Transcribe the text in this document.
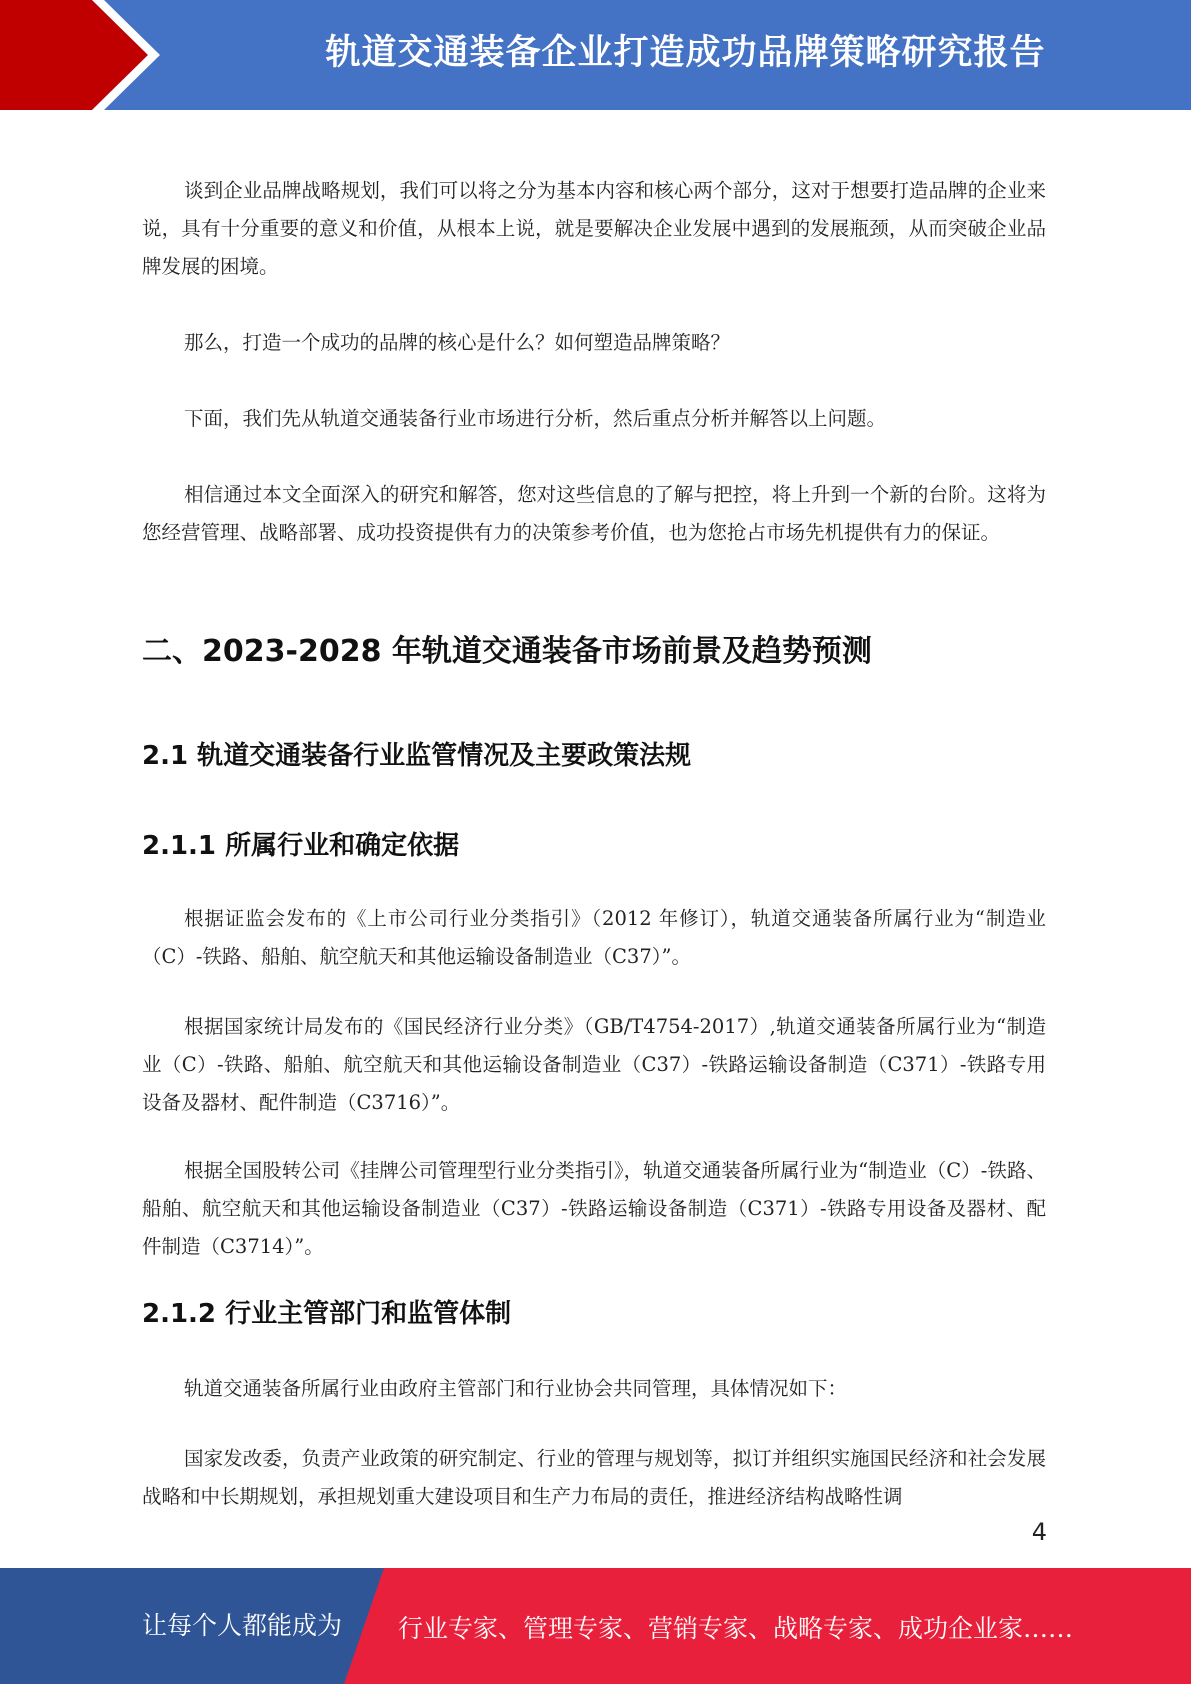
轨道交通装备企业打造成功品牌策略研究报告

谈到企业品牌战略规划，我们可以将之分为基本内容和核心两个部分，这对于想要打造品牌的企业来说，具有十分重要的意义和价值，从根本上说，就是要解决企业发展中遇到的发展瓶颈，从而突破企业品牌发展的困境。

那么，打造一个成功的品牌的核心是什么？如何塑造品牌策略？

下面，我们先从轨道交通装备行业市场进行分析，然后重点分析并解答以上问题。

相信通过本文全面深入的研究和解答，您对这些信息的了解与把控，将上升到一个新的台阶。这将为您经营管理、战略部署、成功投资提供有力的决策参考价值，也为您抢占市场先机提供有力的保证。

二、2023-2028 年轨道交通装备市场前景及趋势预测
2.1 轨道交通装备行业监管情况及主要政策法规
2.1.1 所属行业和确定依据

根据证监会发布的《上市公司行业分类指引》（2012 年修订），轨道交通装备所属行业为“制造业（C）-铁路、船舶、航空航天和其他运输设备制造业（C37）”。

根据国家统计局发布的《国民经济行业分类》（GB/T4754-2017）,轨道交通装备所属行业为“制造业（C）-铁路、船舶、航空航天和其他运输设备制造业（C37）-铁路运输设备制造（C371）-铁路专用设备及器材、配件制造（C3716）”。

根据全国股转公司《挂牌公司管理型行业分类指引》，轨道交通装备所属行业为“制造业（C）-铁路、船舶、航空航天和其他运输设备制造业（C37）-铁路运输设备制造（C371）-铁路专用设备及器材、配件制造（C3714）”。

2.1.2 行业主管部门和监管体制

轨道交通装备所属行业由政府主管部门和行业协会共同管理，具体情况如下：

国家发改委，负责产业政策的研究制定、行业的管理与规划等，拟订并组织实施国民经济和社会发展战略和中长期规划，承担规划重大建设项目和生产力布局的责任，推进经济结构战略性调

4
让每个人都能成为 行业专家、管理专家、营销专家、战略专家、成功企业家……
